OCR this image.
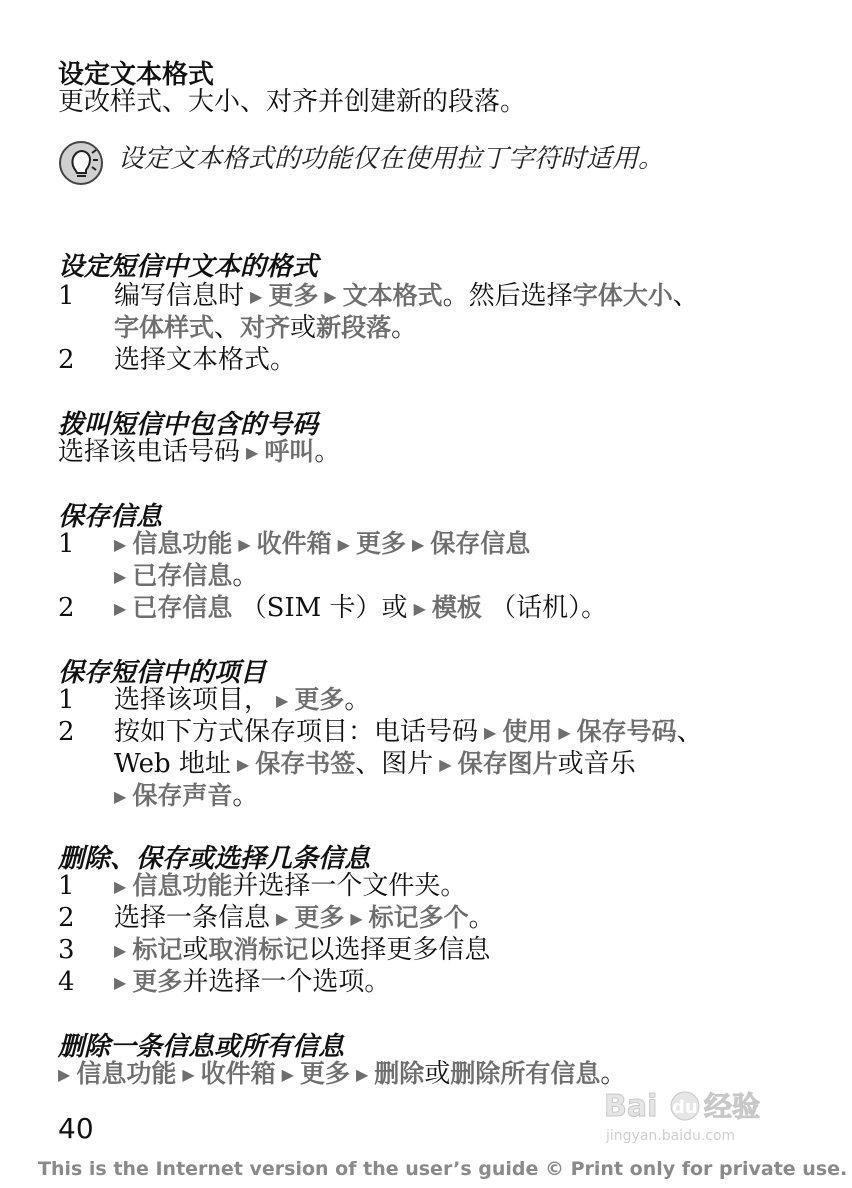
设定文本格式
更改样式、大小、对齐并创建新的段落。
设定文本格式的功能仅在使用拉丁字符时适用。
设定短信中文本的格式
1 编写信息时 ▶ 更多 ▶ 文本格式。然后选择字体大小、
字体样式、对齐或新段落。
2 选择文本格式。
拨叫短信中包含的号码
选择该电话号码 ▶ 呼叫。
保存信息
1 ▶ 信息功能 ▶ 收件箱 ▶ 更多 ▶ 保存信息
▶ 已存信息。
2 ▶ 已存信息 （SIM 卡）或 ▶ 模板 （话机）。
保存短信中的项目
1 选择该项目， ▶ 更多。
2 按如下方式保存项目：电话号码 ▶ 使用 ▶ 保存号码、
Web 地址 ▶ 保存书签、图片 ▶ 保存图片或音乐
▶ 保存声音。
删除、保存或选择几条信息
1 ▶ 信息功能并选择一个文件夹。
2 选择一条信息 ▶ 更多 ▶ 标记多个。
3 ▶ 标记或取消标记以选择更多信息
4 ▶ 更多并选择一个选项。
删除一条信息或所有信息
▶ 信息功能 ▶ 收件箱 ▶ 更多 ▶ 删除或删除所有信息。
Bai du 经验
jingyan.baidu.com
40
This is the Internet version of the user’s guide © Print only for private use.
